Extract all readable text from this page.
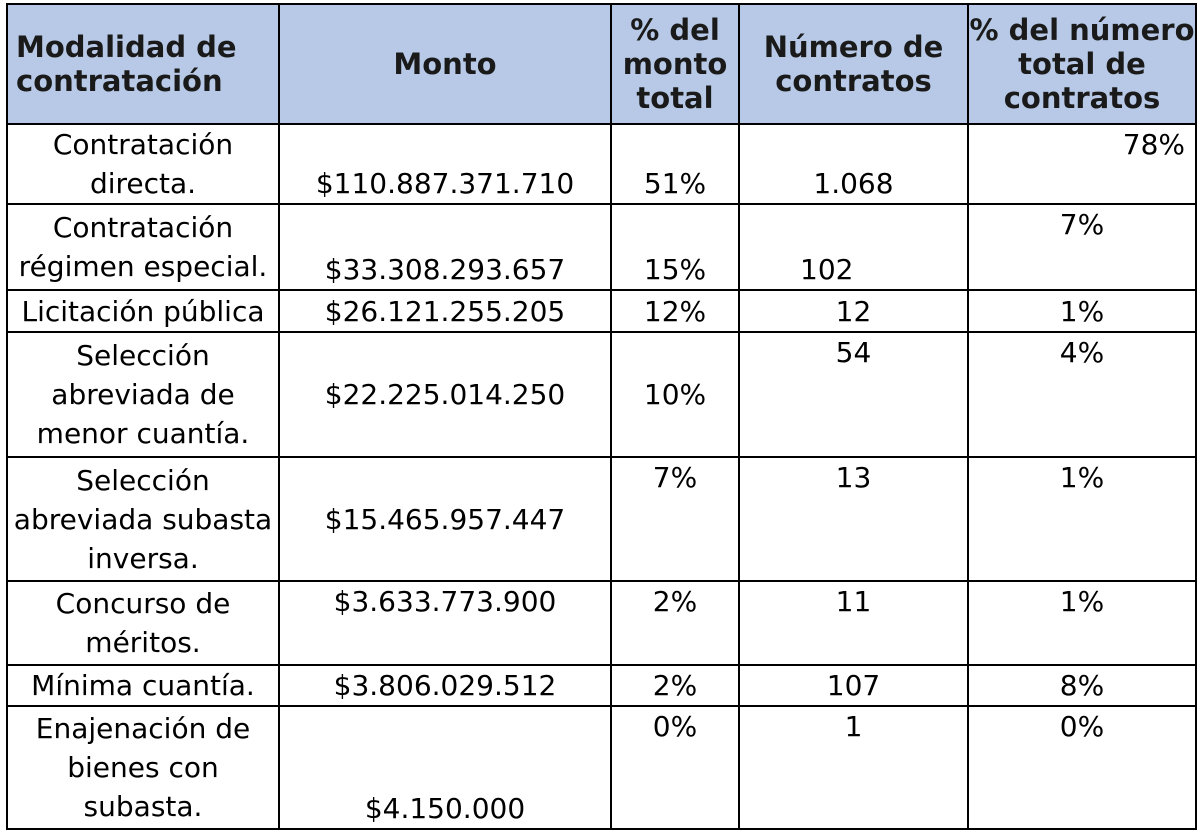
Modalidad de contratación	Monto	% del monto total	Número de contratos	% del número total de contratos
Contratación directa.	$110.887.371.710	51%	1.068	78%
Contratación régimen especial.	$33.308.293.657	15%	102	7%
Licitación pública	$26.121.255.205	12%	12	1%
Selección abreviada de menor cuantía.	$22.225.014.250	10%	54	4%
Selección abreviada subasta inversa.	$15.465.957.447	7%	13	1%
Concurso de méritos.	$3.633.773.900	2%	11	1%
Mínima cuantía.	$3.806.029.512	2%	107	8%
Enajenación de bienes con subasta.	$4.150.000	0%	1	0%
